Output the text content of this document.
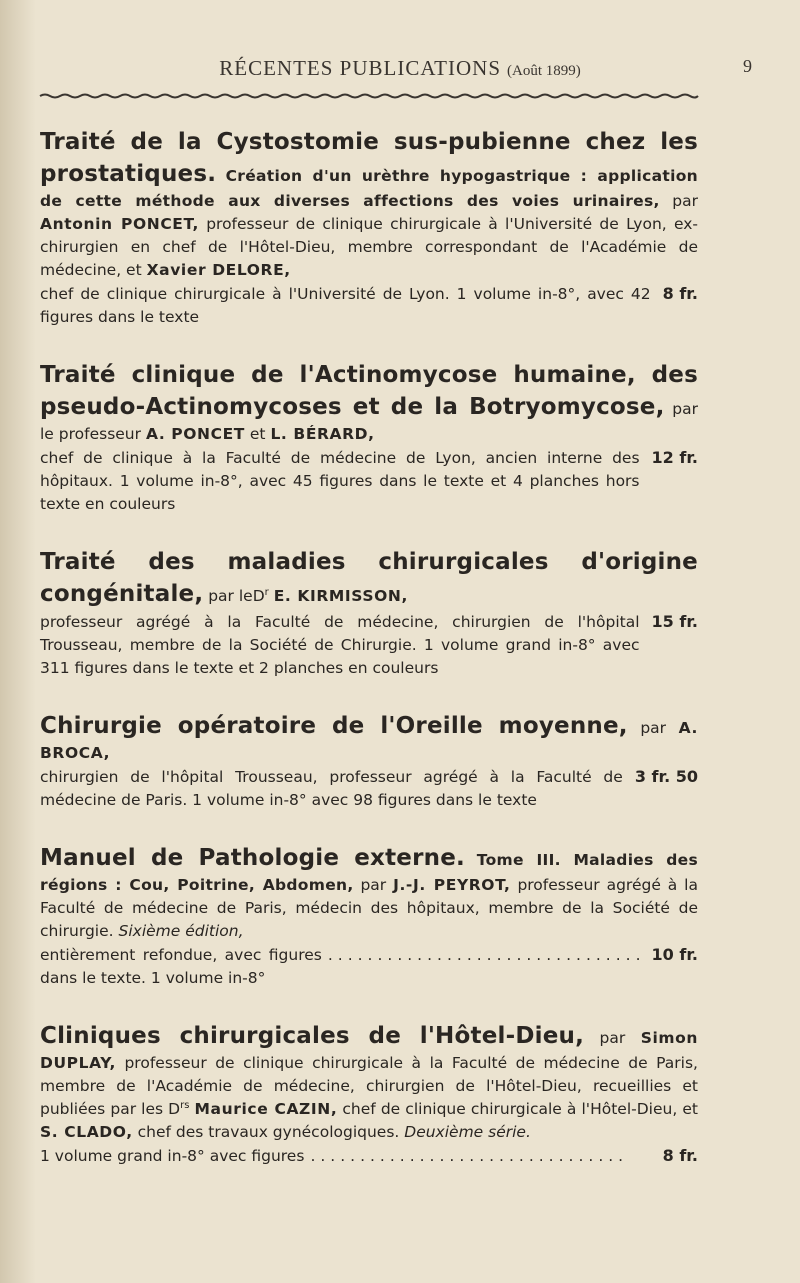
RÉCENTES PUBLICATIONS (Août 1899)	9
Traité de la Cystostomie sus-pubienne chez les prostatiques. Création d'un urèthre hypogastrique : application de cette méthode aux diverses affections des voies urinaires, par Antonin PONCET, professeur de clinique chirurgicale à l'Université de Lyon, ex-chirurgien en chef de l'Hôtel-Dieu, membre correspondant de l'Académie de médecine, et Xavier DELORE,
chef de clinique chirurgicale à l'Université de Lyon. 1 volume in-8°, avec 42 figures dans le texte
8 fr.
Traité clinique de l'Actinomycose humaine, des pseudo-Actinomycoses et de la Botryomycose, par le professeur A. PONCET et L. BÉRARD,
chef de clinique à la Faculté de médecine de Lyon, ancien interne des hôpitaux. 1 volume in-8°, avec 45 figures dans le texte et 4 planches hors texte en couleurs
12 fr.
Traité des maladies chirurgicales d'origine congénitale, par leD$^r$ E. KIRMISSON,
professeur agrégé à la Faculté de médecine, chirurgien de l'hôpital Trousseau, membre de la Société de Chirurgie. 1 volume grand in-8° avec 311 figures dans le texte et 2 planches en couleurs
15 fr.
Chirurgie opératoire de l'Oreille moyenne, par A. BROCA,
chirurgien de l'hôpital Trousseau, professeur agrégé à la Faculté de médecine de Paris. 1 volume in-8° avec 98 figures dans le texte
3 fr. 50
Manuel de Pathologie externe. Tome III. Maladies des régions : Cou, Poitrine, Abdomen, par J.-J. PEYROT, professeur agrégé à la Faculté de médecine de Paris, médecin des hôpitaux, membre de la Société de chirurgie. Sixième édition,
entièrement refondue, avec figures dans le texte. 1 volume in-8°
................................ 10 fr.
Cliniques chirurgicales de l'Hôtel-Dieu, par Simon DUPLAY, professeur de clinique chirurgicale à la Faculté de médecine de Paris, membre de l'Académie de médecine, chirurgien de l'Hôtel-Dieu, recueillies et publiées par les $D^{rs}$ Maurice CAZIN, chef de clinique chirurgicale à l'Hôtel-Dieu, et S. CLADO, chef des travaux gynécologiques. Deuxième série.
1 volume grand in-8° avec figures ................................	8 fr.
